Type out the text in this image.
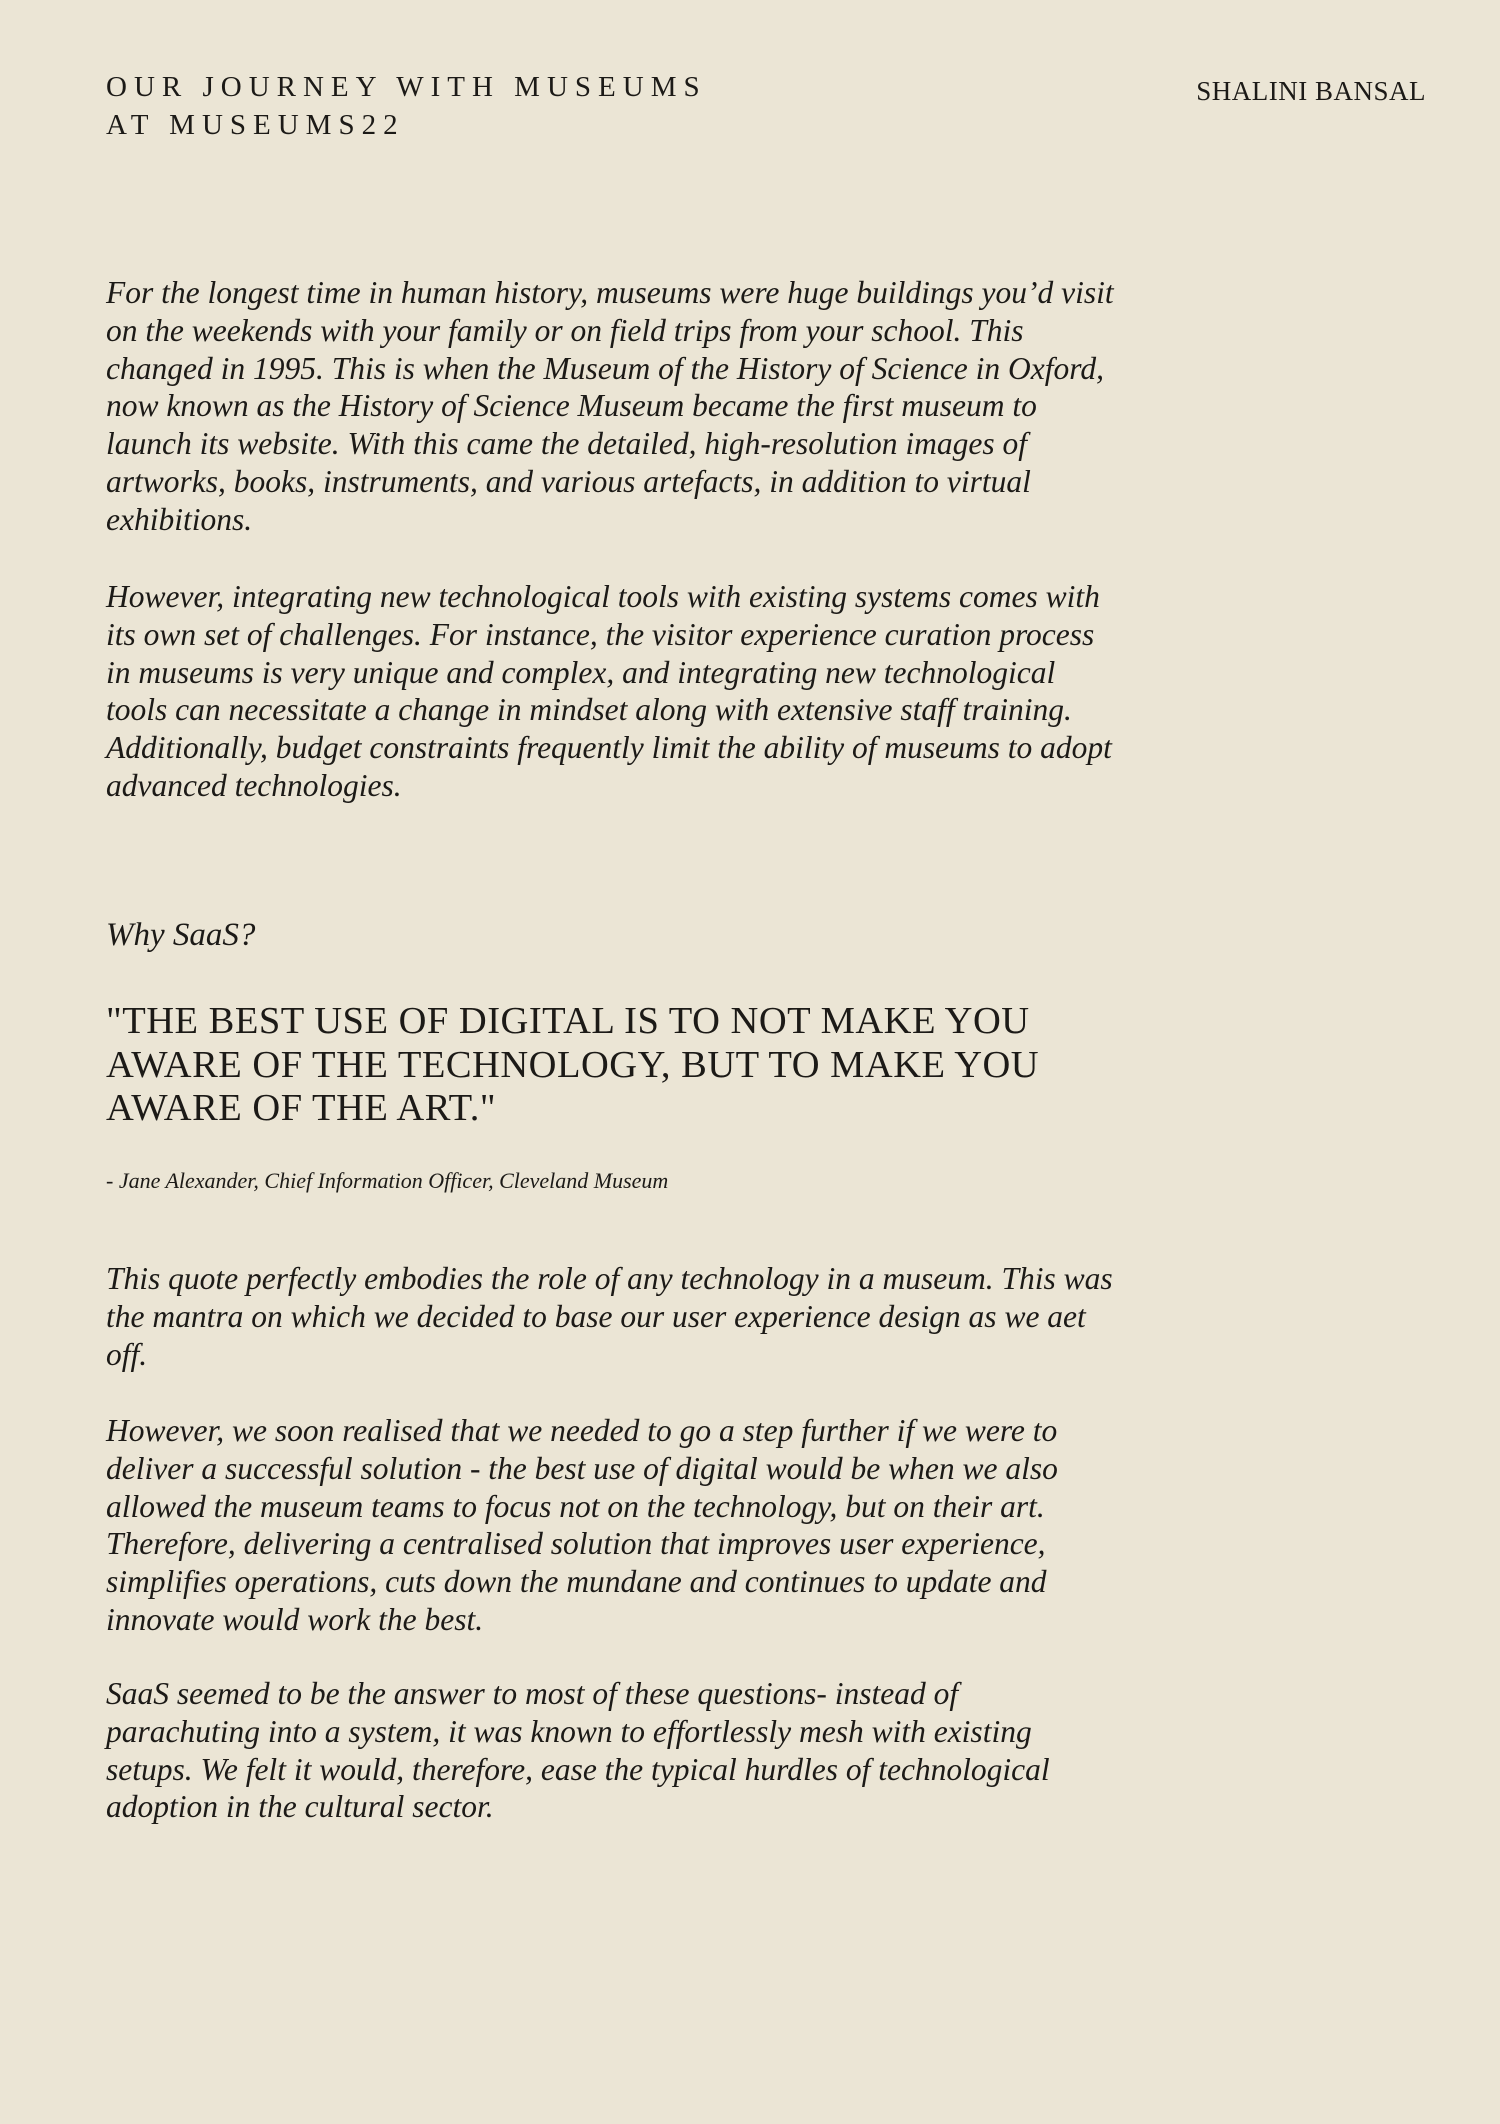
OUR JOURNEY WITH MUSEUMS
AT MUSEUMS22
SHALINI BANSAL

For the longest time in human history, museums were huge buildings you’d visit on the weekends with your family or on field trips from your school. This changed in 1995. This is when the Museum of the History of Science in Oxford, now known as the History of Science Museum became the first museum to launch its website. With this came the detailed, high-resolution images of artworks, books, instruments, and various artefacts, in addition to virtual exhibitions.

However, integrating new technological tools with existing systems comes with its own set of challenges. For instance, the visitor experience curation process in museums is very unique and complex, and integrating new technological tools can necessitate a change in mindset along with extensive staff training. Additionally, budget constraints frequently limit the ability of museums to adopt advanced technologies.

Why SaaS?

"THE BEST USE OF DIGITAL IS TO NOT MAKE YOU AWARE OF THE TECHNOLOGY, BUT TO MAKE YOU AWARE OF THE ART."

- Jane Alexander, Chief Information Officer, Cleveland Museum

This quote perfectly embodies the role of any technology in a museum. This was the mantra on which we decided to base our user experience design as we aet off.

However, we soon realised that we needed to go a step further if we were to deliver a successful solution - the best use of digital would be when we also allowed the museum teams to focus not on the technology, but on their art. Therefore, delivering a centralised solution that improves user experience, simplifies operations, cuts down the mundane and continues to update and innovate would work the best.

SaaS seemed to be the answer to most of these questions- instead of parachuting into a system, it was known to effortlessly mesh with existing setups. We felt it would, therefore, ease the typical hurdles of technological adoption in the cultural sector.
